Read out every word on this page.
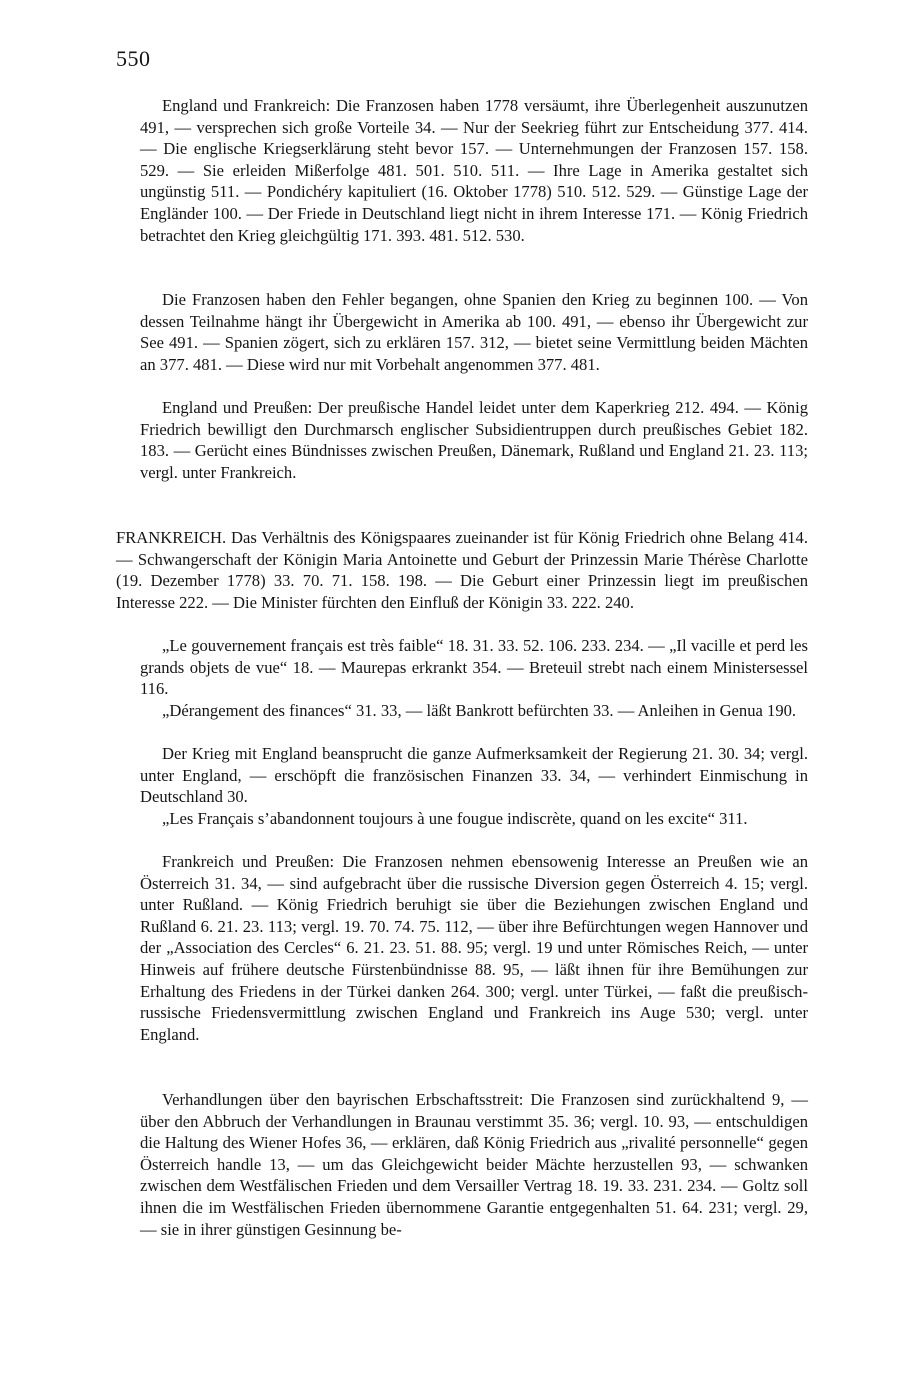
550

England und Frankreich: Die Franzosen haben 1778 versäumt, ihre Überlegenheit auszunutzen 491, — versprechen sich große Vorteile 34. — Nur der Seekrieg führt zur Entscheidung 377. 414. — Die englische Kriegserklärung steht bevor 157. — Unternehmungen der Franzosen 157. 158. 529. — Sie erleiden Mißerfolge 481. 501. 510. 511. — Ihre Lage in Amerika gestaltet sich ungünstig 511. — Pondichéry kapituliert (16. Oktober 1778) 510. 512. 529. — Günstige Lage der Engländer 100. — Der Friede in Deutschland liegt nicht in ihrem Interesse 171. — König Friedrich betrachtet den Krieg gleichgültig 171. 393. 481. 512. 530.

Die Franzosen haben den Fehler begangen, ohne Spanien den Krieg zu beginnen 100. — Von dessen Teilnahme hängt ihr Übergewicht in Amerika ab 100. 491, — ebenso ihr Übergewicht zur See 491. — Spanien zögert, sich zu erklären 157. 312, — bietet seine Vermittlung beiden Mächten an 377. 481. — Diese wird nur mit Vorbehalt angenommen 377. 481.

England und Preußen: Der preußische Handel leidet unter dem Kaperkrieg 212. 494. — König Friedrich bewilligt den Durchmarsch englischer Subsidientruppen durch preußisches Gebiet 182. 183. — Gerücht eines Bündnisses zwischen Preußen, Dänemark, Rußland und England 21. 23. 113; vergl. unter Frankreich.

FRANKREICH. Das Verhältnis des Königspaares zueinander ist für König Friedrich ohne Belang 414. — Schwangerschaft der Königin Maria Antoinette und Geburt der Prinzessin Marie Thérèse Charlotte (19. Dezember 1778) 33. 70. 71. 158. 198. — Die Geburt einer Prinzessin liegt im preußischen Interesse 222. — Die Minister fürchten den Einfluß der Königin 33. 222. 240.

„Le gouvernement français est très faible“ 18. 31. 33. 52. 106. 233. 234. — „Il vacille et perd les grands objets de vue“ 18. — Maurepas erkrankt 354. — Breteuil strebt nach einem Ministersessel 116.

„Dérangement des finances“ 31. 33, — läßt Bankrott befürchten 33. — Anleihen in Genua 190.

Der Krieg mit England beansprucht die ganze Aufmerksamkeit der Regierung 21. 30. 34; vergl. unter England, — erschöpft die französischen Finanzen 33. 34, — verhindert Einmischung in Deutschland 30.

„Les Français s’abandonnent toujours à une fougue indiscrète, quand on les excite“ 311.

Frankreich und Preußen: Die Franzosen nehmen ebensowenig Interesse an Preußen wie an Österreich 31. 34, — sind aufgebracht über die russische Diversion gegen Österreich 4. 15; vergl. unter Rußland. — König Friedrich beruhigt sie über die Beziehungen zwischen England und Rußland 6. 21. 23. 113; vergl. 19. 70. 74. 75. 112, — über ihre Befürchtungen wegen Hannover und der „Association des Cercles“ 6. 21. 23. 51. 88. 95; vergl. 19 und unter Römisches Reich, — unter Hinweis auf frühere deutsche Fürstenbündnisse 88. 95, — läßt ihnen für ihre Bemühungen zur Erhaltung des Friedens in der Türkei danken 264. 300; vergl. unter Türkei, — faßt die preußisch-russische Friedensvermittlung zwischen England und Frankreich ins Auge 530; vergl. unter England.

Verhandlungen über den bayrischen Erbschaftsstreit: Die Franzosen sind zurückhaltend 9, — über den Abbruch der Verhandlungen in Braunau verstimmt 35. 36; vergl. 10. 93, — entschuldigen die Haltung des Wiener Hofes 36, — erklären, daß König Friedrich aus „rivalité personnelle“ gegen Österreich handle 13, — um das Gleichgewicht beider Mächte herzustellen 93, — schwanken zwischen dem Westfälischen Frieden und dem Versailler Vertrag 18. 19. 33. 231. 234. — Goltz soll ihnen die im Westfälischen Frieden übernommene Garantie entgegenhalten 51. 64. 231; vergl. 29, — sie in ihrer günstigen Gesinnung be-
